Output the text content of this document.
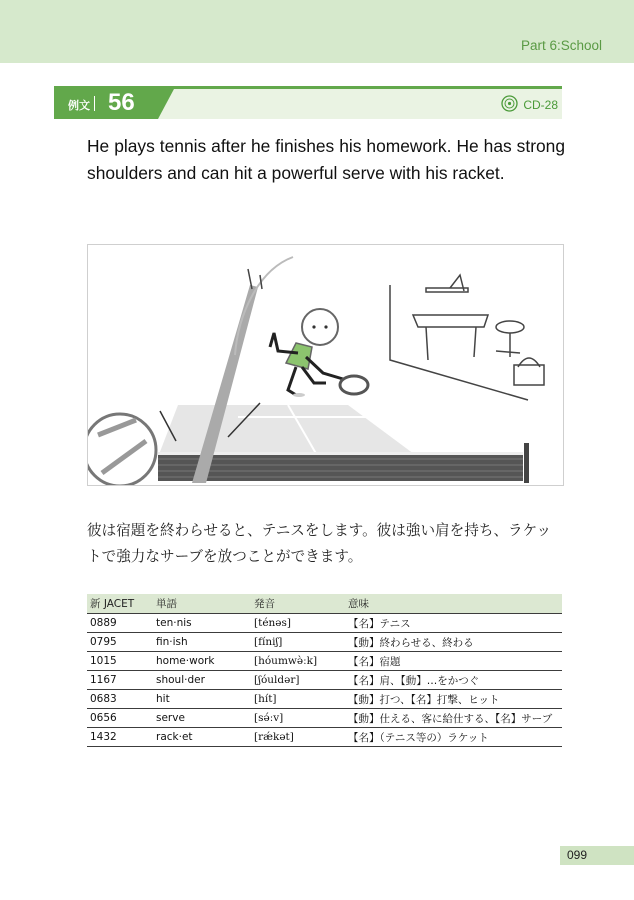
Part 6:School
例文 56	CD-28
He plays tennis after he finishes his homework. He has strong shoulders and can hit a powerful serve with his racket.
彼は宿題を終わらせると、テニスをします。彼は強い肩を持ち、ラケットで強力なサーブを放つことができます。
新 JACET	単語	発音	意味
0889	ten·nis	[ténəs]	【名】テニス
0795	fin·ish	[fíniʃ]	【動】終わらせる、終わる
1015	home·work	[hóumwə̀ːk]	【名】宿題
1167	shoul·der	[ʃóuldər]	【名】肩、【動】…をかつぐ
0683	hit	[hít]	【動】打つ、【名】打撃、ヒット
0656	serve	[sə́ːv]	【動】仕える、客に給仕する、【名】サーブ
1432	rack·et	[rǽkət]	【名】（テニス等の）ラケット
099
